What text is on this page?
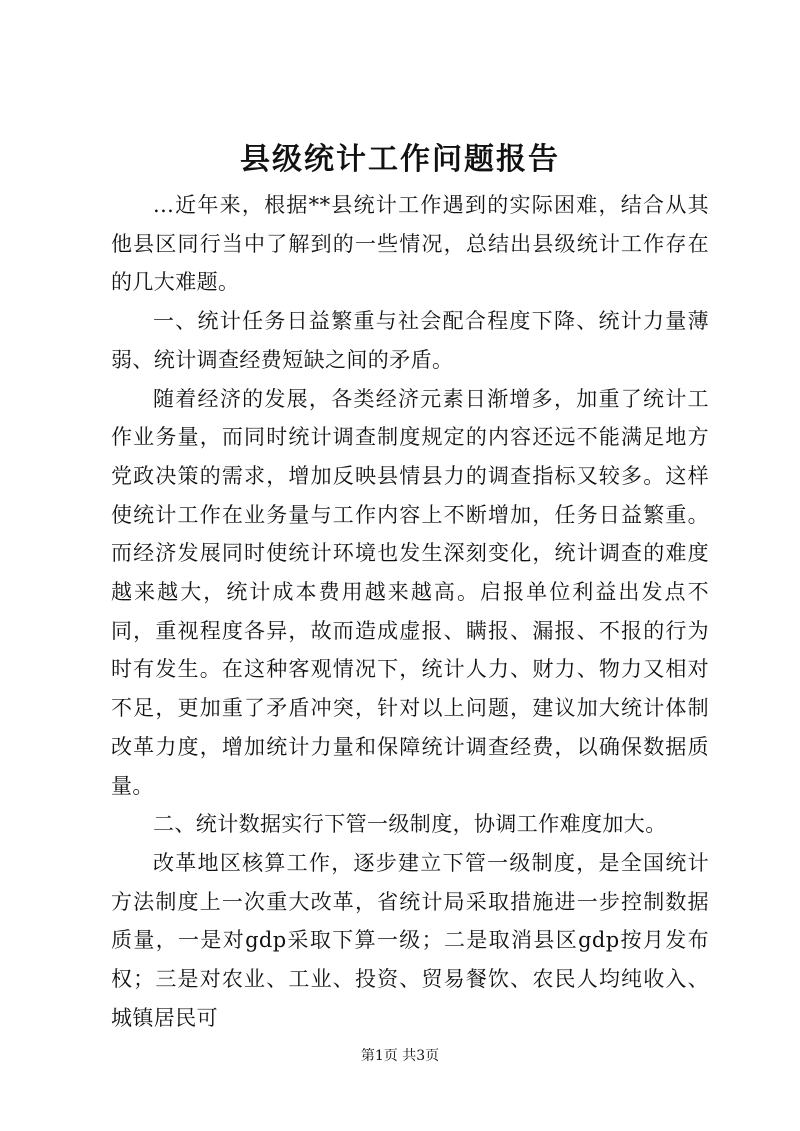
县级统计工作问题报告

...近年来，根据**县统计工作遇到的实际困难，结合从其他县区同行当中了解到的一些情况，总结出县级统计工作存在的几大难题。

一、统计任务日益繁重与社会配合程度下降、统计力量薄弱、统计调查经费短缺之间的矛盾。

随着经济的发展，各类经济元素日渐增多，加重了统计工作业务量，而同时统计调查制度规定的内容还远不能满足地方党政决策的需求，增加反映县情县力的调查指标又较多。这样使统计工作在业务量与工作内容上不断增加，任务日益繁重。而经济发展同时使统计环境也发生深刻变化，统计调查的难度越来越大，统计成本费用越来越高。启报单位利益出发点不同，重视程度各异，故而造成虚报、瞒报、漏报、不报的行为时有发生。在这种客观情况下，统计人力、财力、物力又相对不足，更加重了矛盾冲突，针对以上问题，建议加大统计体制改革力度，增加统计力量和保障统计调查经费，以确保数据质量。

二、统计数据实行下管一级制度，协调工作难度加大。

改革地区核算工作，逐步建立下管一级制度，是全国统计方法制度上一次重大改革，省统计局采取措施进一步控制数据质量，一是对gdp采取下算一级；二是取消县区gdp按月发布权；三是对农业、工业、投资、贸易餐饮、农民人均纯收入、城镇居民可

第1页 共3页
